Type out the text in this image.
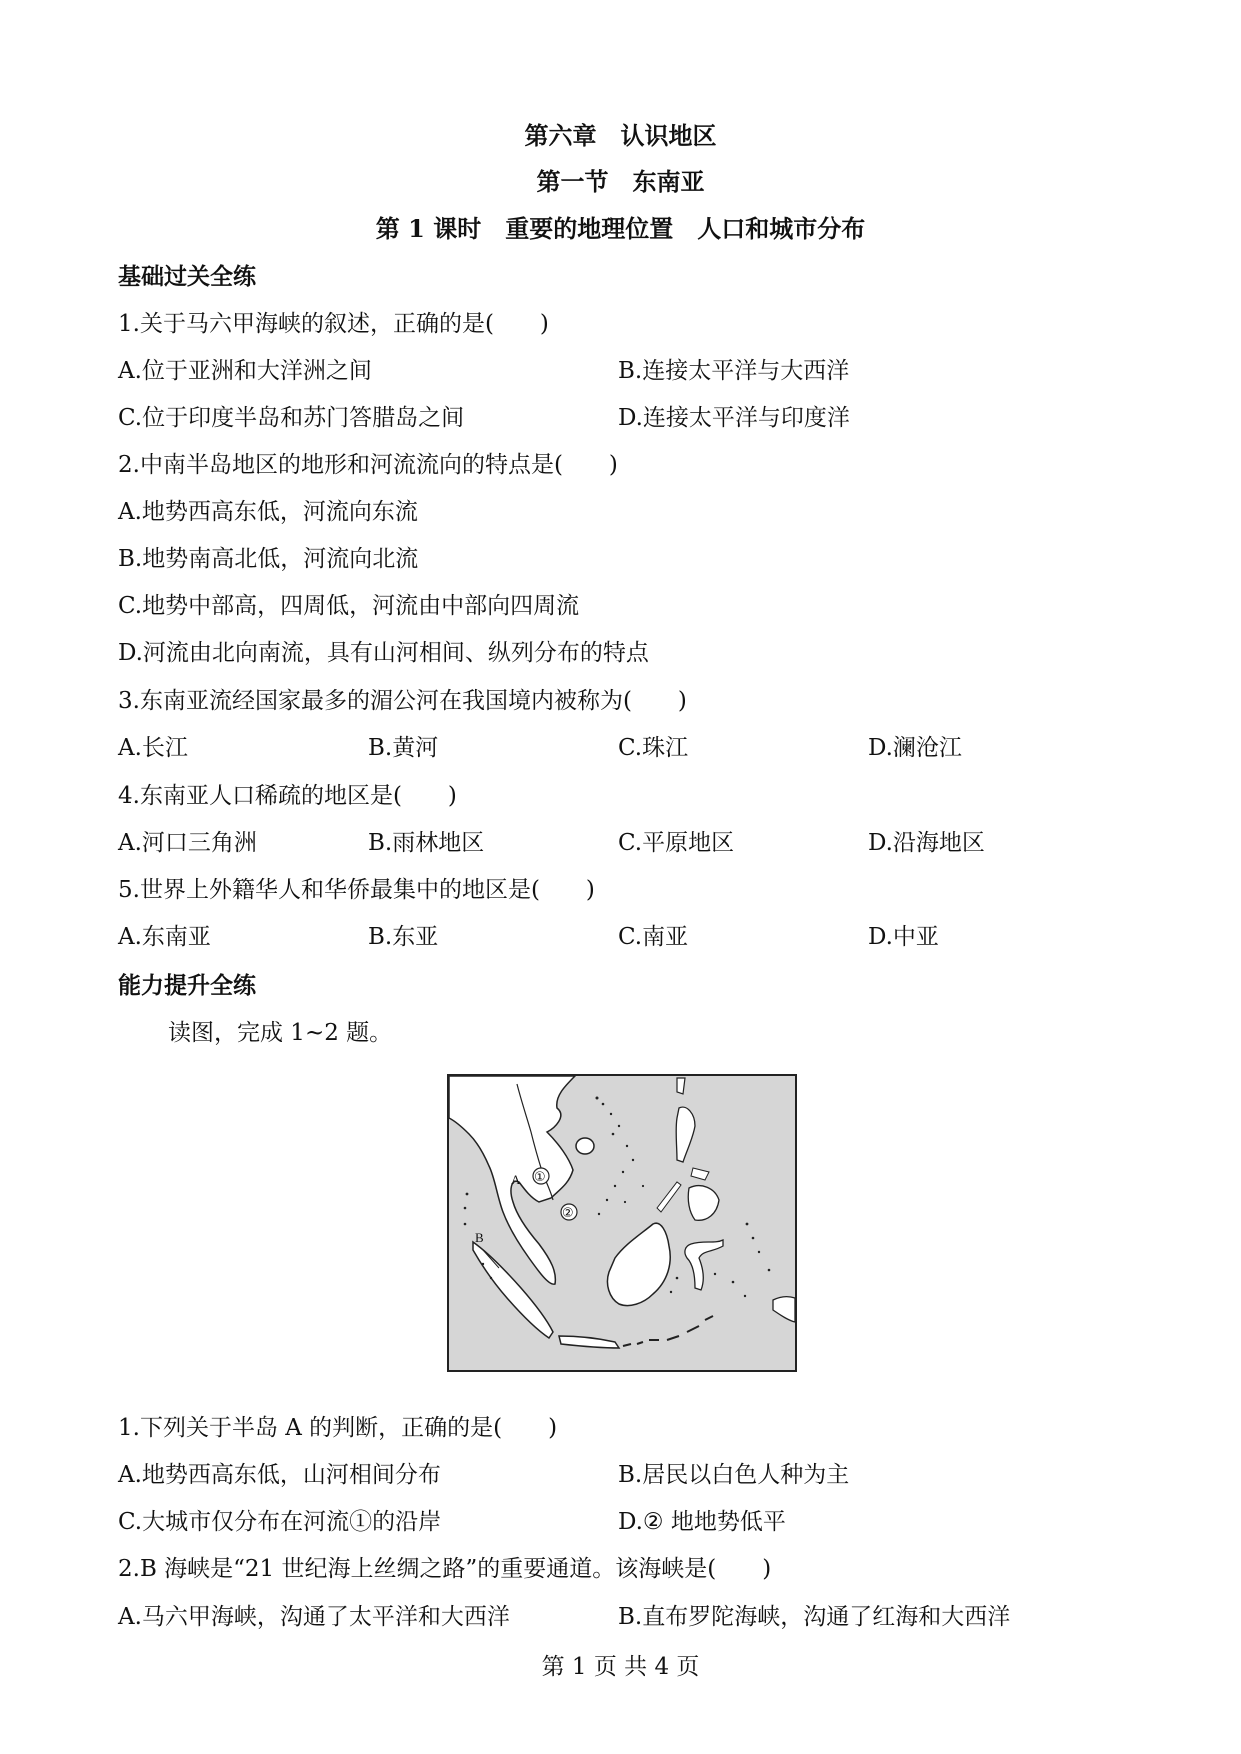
第六章　认识地区
第一节　东南亚
第 1 课时　重要的地理位置　人口和城市分布
基础过关全练
1.关于马六甲海峡的叙述，正确的是(　　)
A.位于亚洲和大洋洲之间	B.连接太平洋与大西洋
C.位于印度半岛和苏门答腊岛之间	D.连接太平洋与印度洋
2.中南半岛地区的地形和河流流向的特点是(　　)
A.地势西高东低，河流向东流
B.地势南高北低，河流向北流
C.地势中部高，四周低，河流由中部向四周流
D.河流由北向南流，具有山河相间、纵列分布的特点
3.东南亚流经国家最多的湄公河在我国境内被称为(　　)
A.长江	B.黄河	C.珠江	D.澜沧江
4.东南亚人口稀疏的地区是(　　)
A.河口三角洲	B.雨林地区	C.平原地区	D.沿海地区
5.世界上外籍华人和华侨最集中的地区是(　　)
A.东南亚	B.东亚	C.南亚	D.中亚
能力提升全练
读图，完成 1~2 题。
A ①
②
B
1.下列关于半岛 A 的判断，正确的是(　　)
A.地势西高东低，山河相间分布	B.居民以白色人种为主
C.大城市仅分布在河流①的沿岸	D.② 地地势低平
2.B 海峡是“21 世纪海上丝绸之路”的重要通道。该海峡是(　　)
A.马六甲海峡，沟通了太平洋和大西洋	B.直布罗陀海峡，沟通了红海和大西洋
第 1 页 共 4 页
